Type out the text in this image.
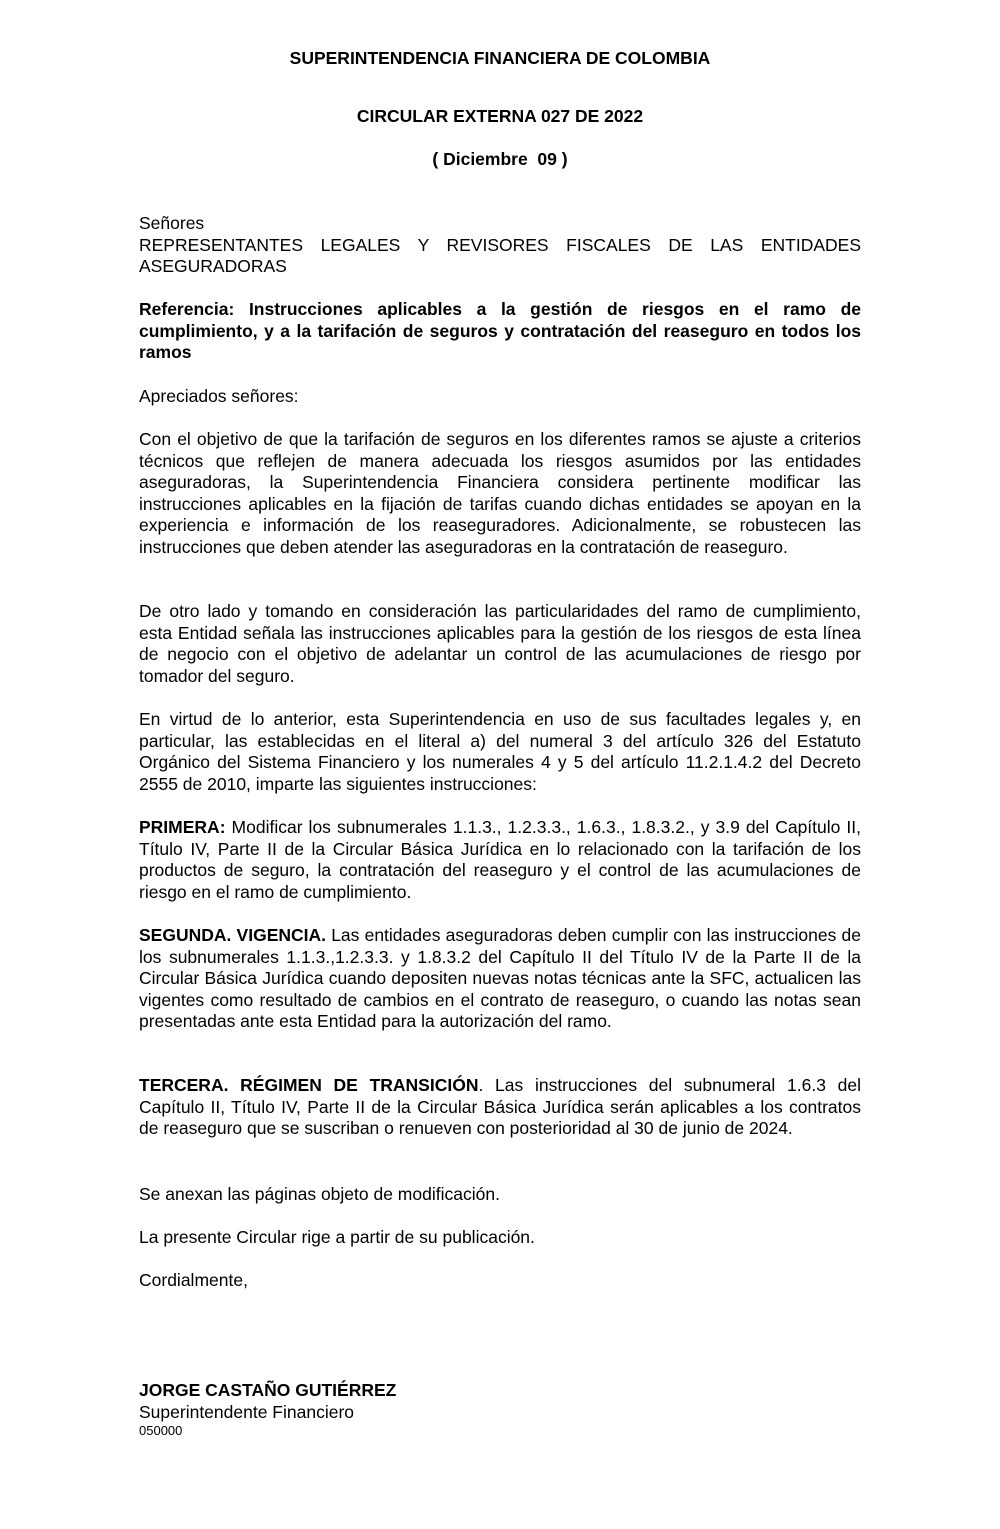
SUPERINTENDENCIA FINANCIERA DE COLOMBIA
CIRCULAR EXTERNA 027 DE 2022
( Diciembre  09 )
Señores
REPRESENTANTES LEGALES Y REVISORES FISCALES DE LAS ENTIDADES ASEGURADORAS

Referencia: Instrucciones aplicables a la gestión de riesgos en el ramo de cumplimiento, y a la tarifación de seguros y contratación del reaseguro en todos los ramos

Apreciados señores:

Con el objetivo de que la tarifación de seguros en los diferentes ramos se ajuste a criterios técnicos que reflejen de manera adecuada los riesgos asumidos por las entidades aseguradoras, la Superintendencia Financiera considera pertinente modificar las instrucciones aplicables en la fijación de tarifas cuando dichas entidades se apoyan en la experiencia e información de los reaseguradores. Adicionalmente, se robustecen las instrucciones que deben atender las aseguradoras en la contratación de reaseguro.

De otro lado y tomando en consideración las particularidades del ramo de cumplimiento, esta Entidad señala las instrucciones aplicables para la gestión de los riesgos de esta línea de negocio con el objetivo de adelantar un control de las acumulaciones de riesgo por tomador del seguro.

En virtud de lo anterior, esta Superintendencia en uso de sus facultades legales y, en particular, las establecidas en el literal a) del numeral 3 del artículo 326 del Estatuto Orgánico del Sistema Financiero y los numerales 4 y 5 del artículo 11.2.1.4.2 del Decreto 2555 de 2010, imparte las siguientes instrucciones:

PRIMERA: Modificar los subnumerales 1.1.3., 1.2.3.3., 1.6.3., 1.8.3.2., y 3.9 del Capítulo II, Título IV, Parte II de la Circular Básica Jurídica en lo relacionado con la tarifación de los productos de seguro, la contratación del reaseguro y el control de las acumulaciones de riesgo en el ramo de cumplimiento.

SEGUNDA. VIGENCIA. Las entidades aseguradoras deben cumplir con las instrucciones de los subnumerales 1.1.3.,1.2.3.3. y 1.8.3.2 del Capítulo II del Título IV de la Parte II de la Circular Básica Jurídica cuando depositen nuevas notas técnicas ante la SFC, actualicen las vigentes como resultado de cambios en el contrato de reaseguro, o cuando las notas sean presentadas ante esta Entidad para la autorización del ramo.

TERCERA. RÉGIMEN DE TRANSICIÓN. Las instrucciones del subnumeral 1.6.3 del Capítulo II, Título IV, Parte II de la Circular Básica Jurídica serán aplicables a los contratos de reaseguro que se suscriban o renueven con posterioridad al 30 de junio de 2024.

Se anexan las páginas objeto de modificación.

La presente Circular rige a partir de su publicación.

Cordialmente,

JORGE CASTAÑO GUTIÉRREZ
Superintendente Financiero
050000
